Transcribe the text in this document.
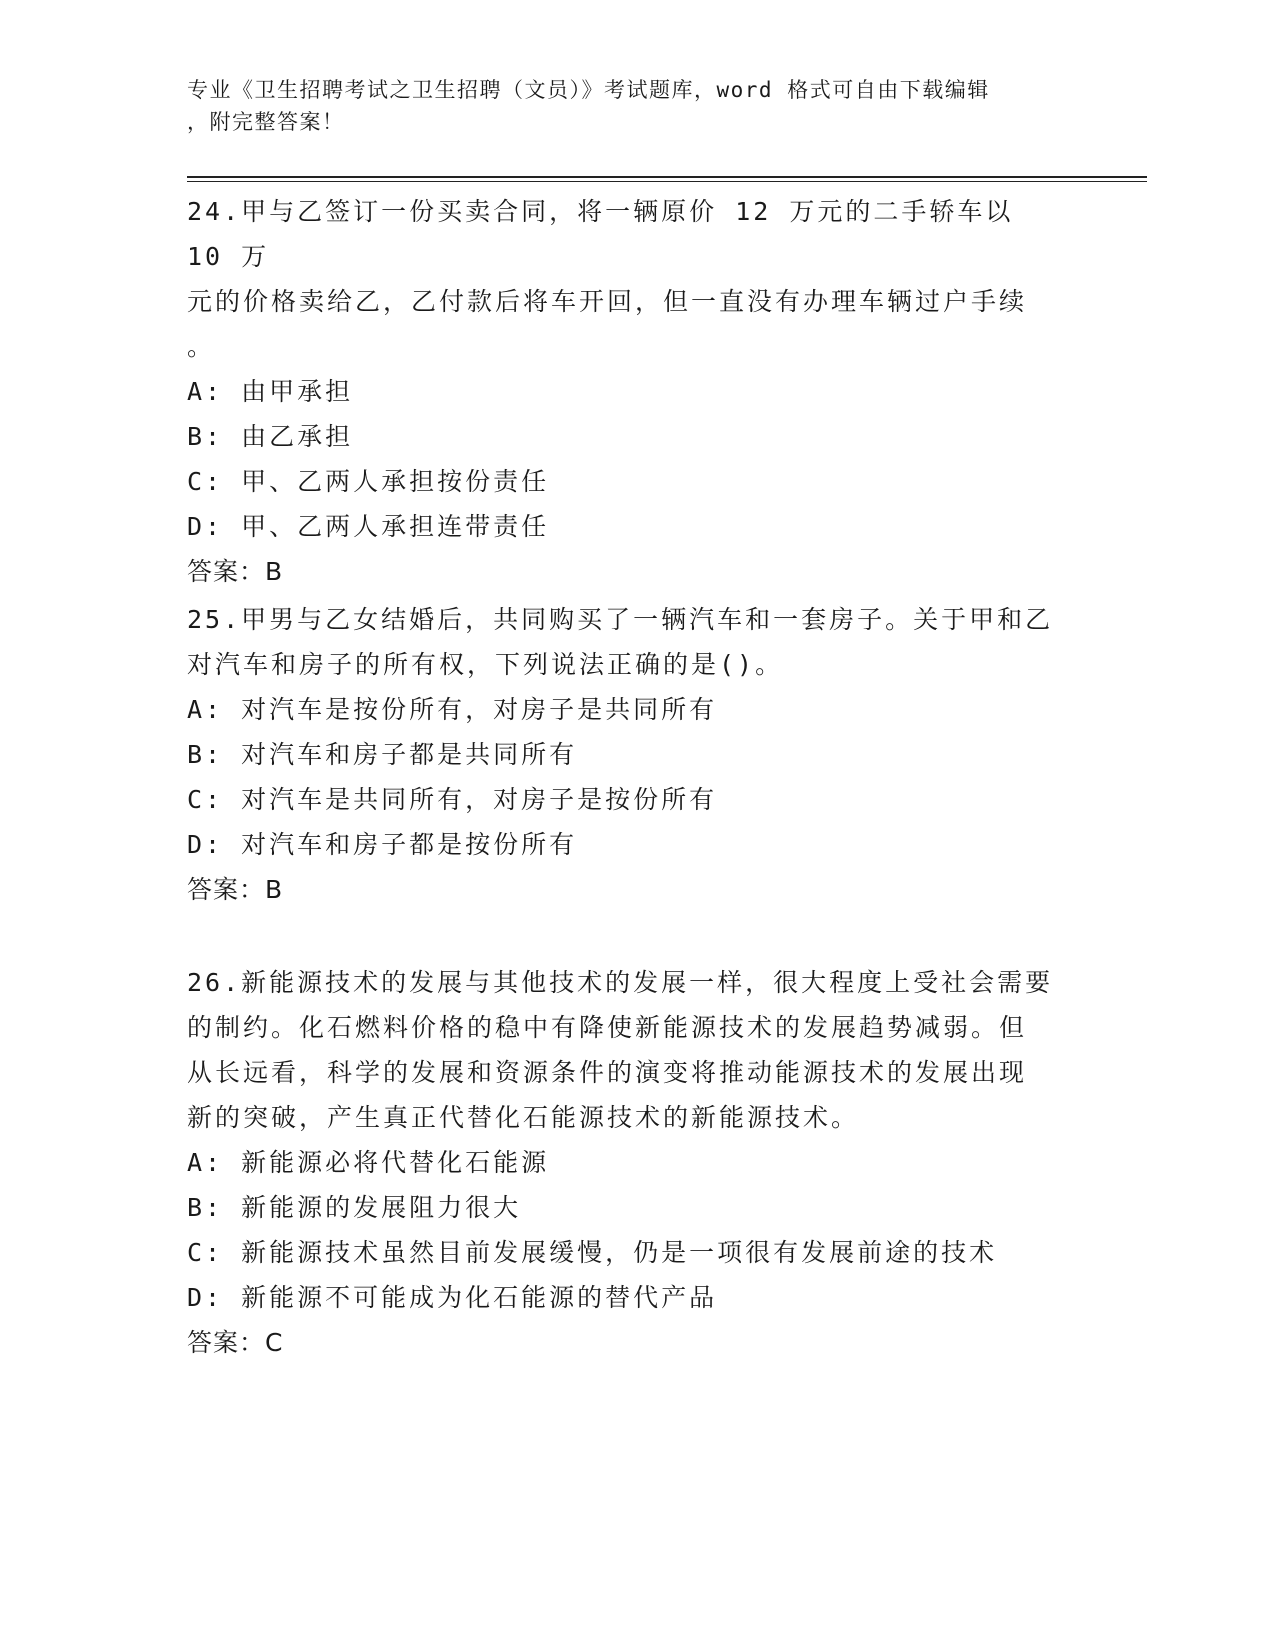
专业《卫生招聘考试之卫生招聘（文员）》考试题库，word 格式可自由下载编辑
，附完整答案！

24.甲与乙签订一份买卖合同，将一辆原价 12 万元的二手轿车以 10 万

元的价格卖给乙，乙付款后将车开回，但一直没有办理车辆过户手续

。

A: 由甲承担

B: 由乙承担

C: 甲、乙两人承担按份责任

D: 甲、乙两人承担连带责任

答案：B

25.甲男与乙女结婚后，共同购买了一辆汽车和一套房子。关于甲和乙

对汽车和房子的所有权，下列说法正确的是()。

A: 对汽车是按份所有，对房子是共同所有

B: 对汽车和房子都是共同所有

C: 对汽车是共同所有，对房子是按份所有

D: 对汽车和房子都是按份所有

答案：B

26.新能源技术的发展与其他技术的发展一样，很大程度上受社会需要

的制约。化石燃料价格的稳中有降使新能源技术的发展趋势减弱。但

从长远看，科学的发展和资源条件的演变将推动能源技术的发展出现

新的突破，产生真正代替化石能源技术的新能源技术。

A: 新能源必将代替化石能源

B: 新能源的发展阻力很大

C: 新能源技术虽然目前发展缓慢，仍是一项很有发展前途的技术

D: 新能源不可能成为化石能源的替代产品

答案：C
